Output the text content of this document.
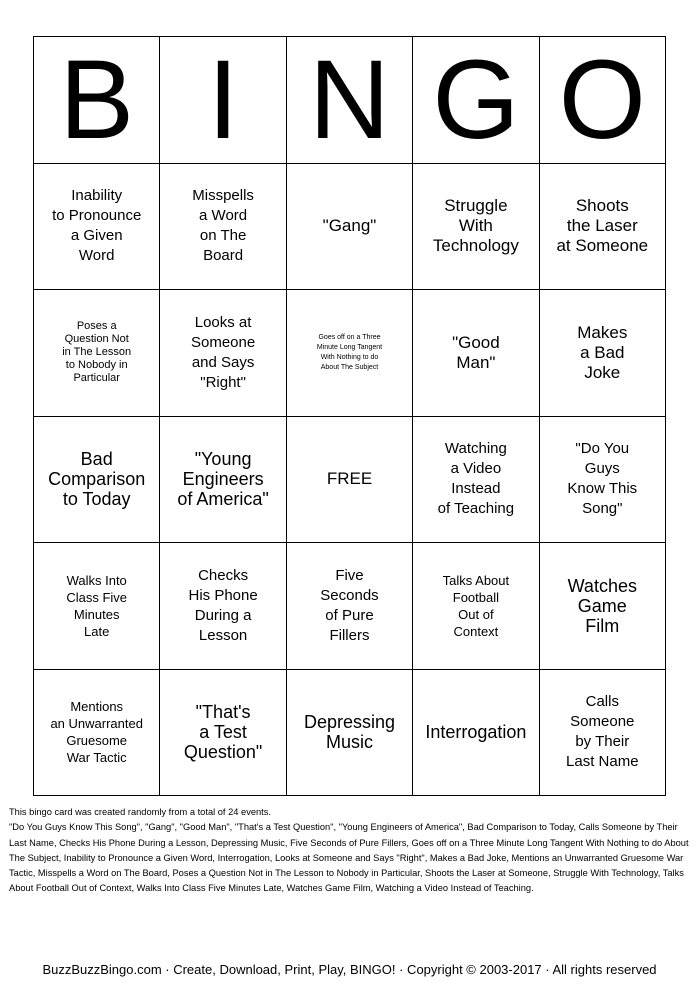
B I N G O
Inability
to Pronounce
a Given
Word
Misspells
a Word
on The
Board
"Gang"
Struggle
With
Technology
Shoots
the Laser
at Someone
Poses a
Question Not
in The Lesson
to Nobody in
Particular
Looks at
Someone
and Says
"Right"
Goes off on a Three
Minute Long Tangent
With Nothing to do
About The Subject
"Good
Man"
Makes
a Bad
Joke
Bad
Comparison
to Today
"Young
Engineers
of America"
FREE
Watching
a Video
Instead
of Teaching
"Do You
Guys
Know This
Song"
Walks Into
Class Five
Minutes
Late
Checks
His Phone
During a
Lesson
Five
Seconds
of Pure
Fillers
Talks About
Football
Out of
Context
Watches
Game
Film
Mentions
an Unwarranted
Gruesome
War Tactic
"That's
a Test
Question"
Depressing
Music	Interrogation
Calls
Someone
by Their
Last Name

This bingo card was created randomly from a total of 24 events.

"Do You Guys Know This Song", "Gang", "Good Man", "That's a Test Question", "Young Engineers of America", Bad Comparison to Today, Calls Someone by Their Last Name, Checks His Phone During a Lesson, Depressing Music, Five Seconds of Pure Fillers, Goes off on a Three Minute Long Tangent With Nothing to do About The Subject, Inability to Pronounce a Given Word, Interrogation, Looks at Someone and Says "Right", Makes a Bad Joke, Mentions an Unwarranted Gruesome War Tactic, Misspells a Word on The Board, Poses a Question Not in The Lesson to Nobody in Particular, Shoots the Laser at Someone, Struggle With Technology, Talks About Football Out of Context, Walks Into Class Five Minutes Late, Watches Game Film, Watching a Video Instead of Teaching.

BuzzBuzzBingo.com · Create, Download, Print, Play, BINGO! · Copyright © 2003-2017 · All rights reserved
